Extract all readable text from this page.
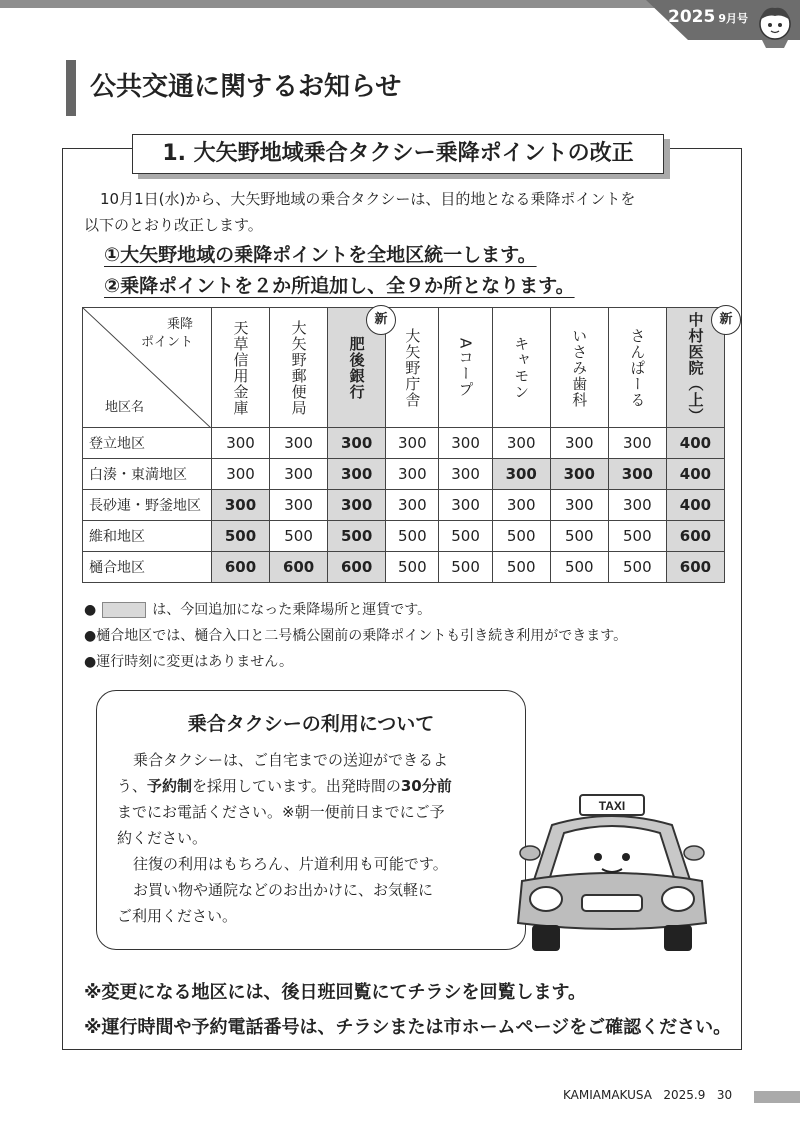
2025 9月号
公共交通に関するお知らせ
1. 大矢野地域乗合タクシー乗降ポイントの改正
10月1日(水)から、大矢野地域の乗合タクシーは、目的地となる乗降ポイントを
以下のとおり改正します。
①大矢野地域の乗降ポイントを全地区統一します。
②乗降ポイントを２か所追加し、全９か所となります。
乗降
ポイント
地区名	天草信用金庫	大矢野郵便局	肥後銀行	大矢野庁舎	Aコープ	キャモン	いさみ歯科	さんぱーる	中村医院（上）

登立地区	300	300	300	300	300	300	300	300	400
白湊・東満地区	300	300	300	300	300	300	300	300	400
長砂連・野釜地区	300	300	300	300	300	300	300	300	400
維和地区	500	500	500	500	500	500	500	500	600
樋合地区	600	600	600	500	500	500	500	500	600
新	新
●	は、今回追加になった乗降場所と運賃です。
●樋合地区では、樋合入口と二号橋公園前の乗降ポイントも引き続き利用ができます。
●運行時刻に変更はありません。
乗合タクシーの利用について
乗合タクシーは、ご自宅までの送迎ができるよ
う、予約制を採用しています。出発時間の30分前
までにお電話ください。※朝一便前日までにご予
約ください。
往復の利用はもちろん、片道利用も可能です。
お買い物や通院などのお出かけに、お気軽に
ご利用ください。
TAXI
※変更になる地区には、後日班回覧にてチラシを回覧します。
※運行時間や予約電話番号は、チラシまたは市ホームページをご確認ください。
KAMIAMAKUSA 2025.9 30
